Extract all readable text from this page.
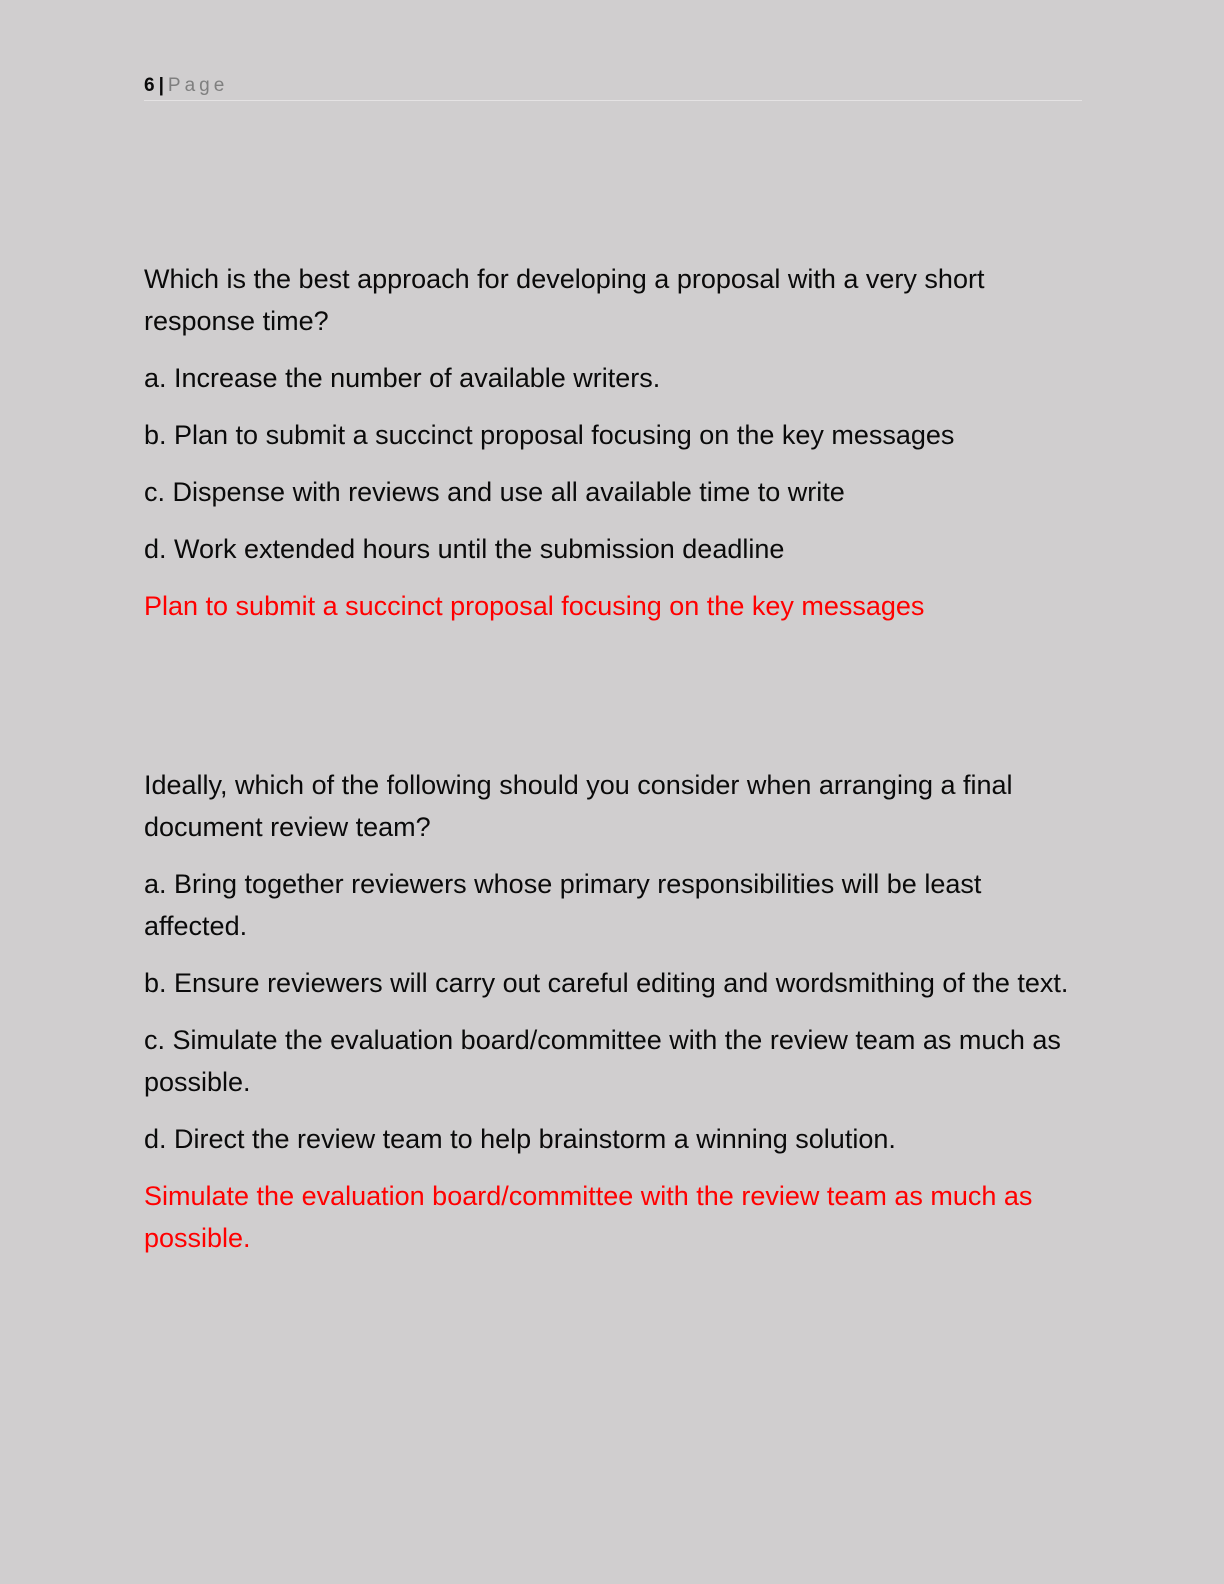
6 | Page

Which is the best approach for developing a proposal with a very short response time?

a. Increase the number of available writers.

b. Plan to submit a succinct proposal focusing on the key messages

c. Dispense with reviews and use all available time to write

d. Work extended hours until the submission deadline

Plan to submit a succinct proposal focusing on the key messages

Ideally, which of the following should you consider when arranging a final document review team?

a. Bring together reviewers whose primary responsibilities will be least affected.

b. Ensure reviewers will carry out careful editing and wordsmithing of the text.

c. Simulate the evaluation board/committee with the review team as much as possible.

d. Direct the review team to help brainstorm a winning solution.

Simulate the evaluation board/committee with the review team as much as possible.
